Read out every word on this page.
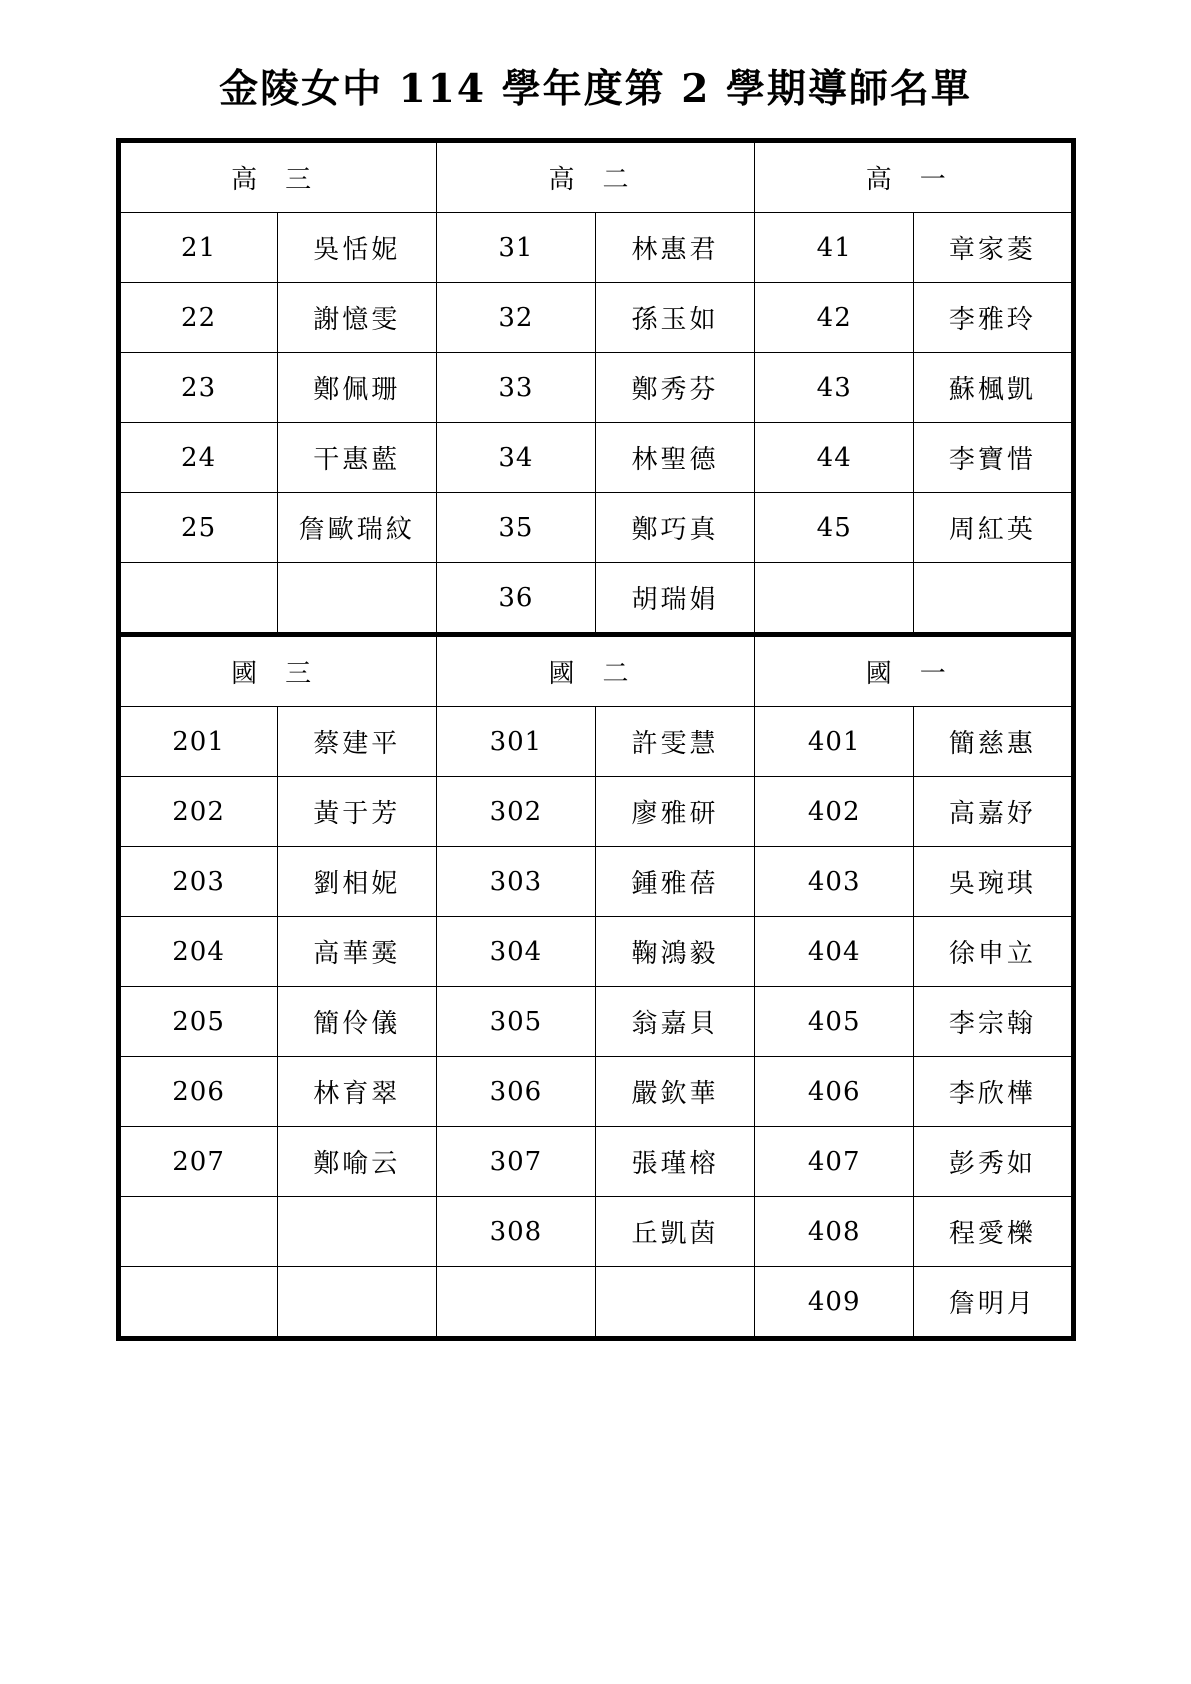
金陵女中 114 學年度第 2 學期導師名單
高三		高二		高一	
21	吳恬妮	31	林惠君	41	章家菱
22	謝憶雯	32	孫玉如	42	李雅玲
23	鄭佩珊	33	鄭秀芬	43	蘇楓凱
24	干惠藍	34	林聖德	44	李寶惜
25	詹歐瑞紋	35	鄭巧真	45	周紅英
		36	胡瑞娟		
國三		國二		國一	
201	蔡建平	301	許雯慧	401	簡慈惠
202	黃于芳	302	廖雅研	402	高嘉妤
203	劉相妮	303	鍾雅蓓	403	吳琬琪
204	高華霙	304	鞠鴻毅	404	徐申立
205	簡伶儀	305	翁嘉貝	405	李宗翰
206	林育翠	306	嚴欽華	406	李欣樺
207	鄭喻云	307	張瑾榕	407	彭秀如
		308	丘凱茵	408	程愛櫟
				409	詹明月
